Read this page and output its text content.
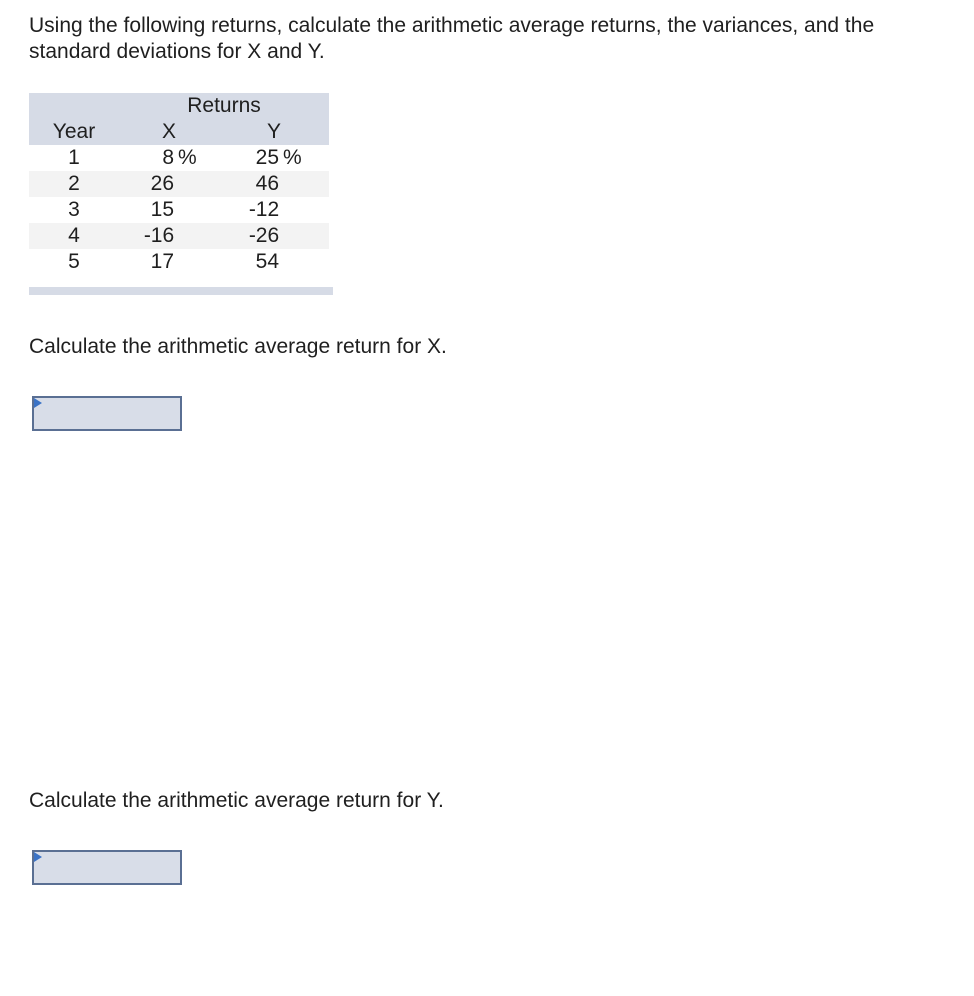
Using the following returns, calculate the arithmetic average returns, the variances, and the standard deviations for X and Y.

	Returns	
Year	X	Y
1	8 %	25 %
2	26	46
3	15	-12
4	-16	-26
5	17	54

Calculate the arithmetic average return for X.

Calculate the arithmetic average return for Y.
